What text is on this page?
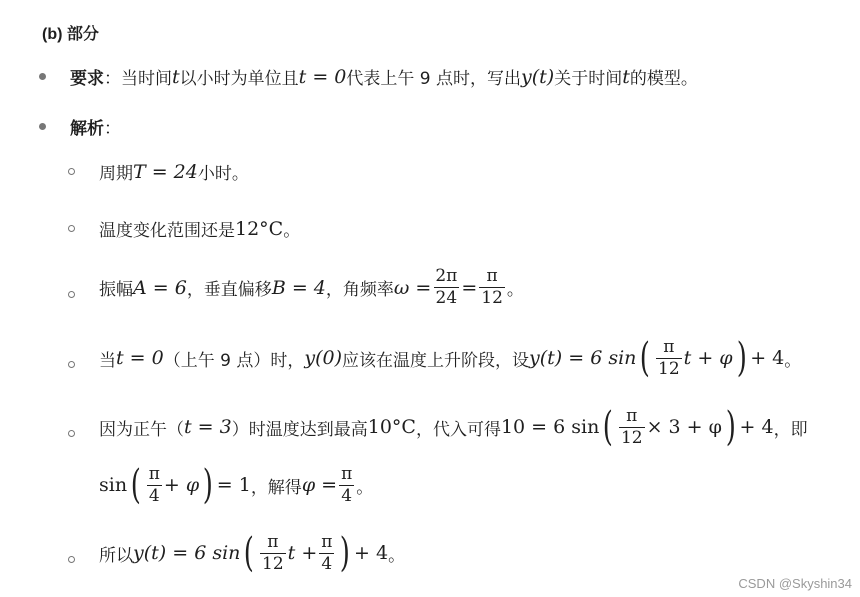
(b) 部分
要求 ： 当时间 t 以小时为单位且 t = 0 代表上午 9 点时，写出 y(t) 关于时间 t 的模型。
解析 ：
周期 T = 24 小时。
温度变化范围还是 12°C 。
振幅 A = 6 ，垂直偏移 B = 4 ，角频率 $\omega = \frac{2\pi}{24} = \frac{\pi}{12}$ 。
当 t = 0 （上午 9 点）时， y(0) 应该在温度上升阶段，设 y(t) = 6 sin ( $\frac{\pi}{12}$ t + φ ) + 4 。
因为正午（ t = 3 ）时温度达到最高 10°C ，代入可得 10 = 6 sin ( $\frac{\pi}{12} \times 3 + \varphi$ ) + 4 ，即
sin ( $\frac{\pi}{4} + \varphi$ ) = 1 ，解得 $\varphi = \frac{\pi}{4}$ 。
所以 y(t) = 6 sin ( $\frac{\pi}{12}$ $t + \frac{\pi}{4}$ ) + 4 。
CSDN @Skyshin34
